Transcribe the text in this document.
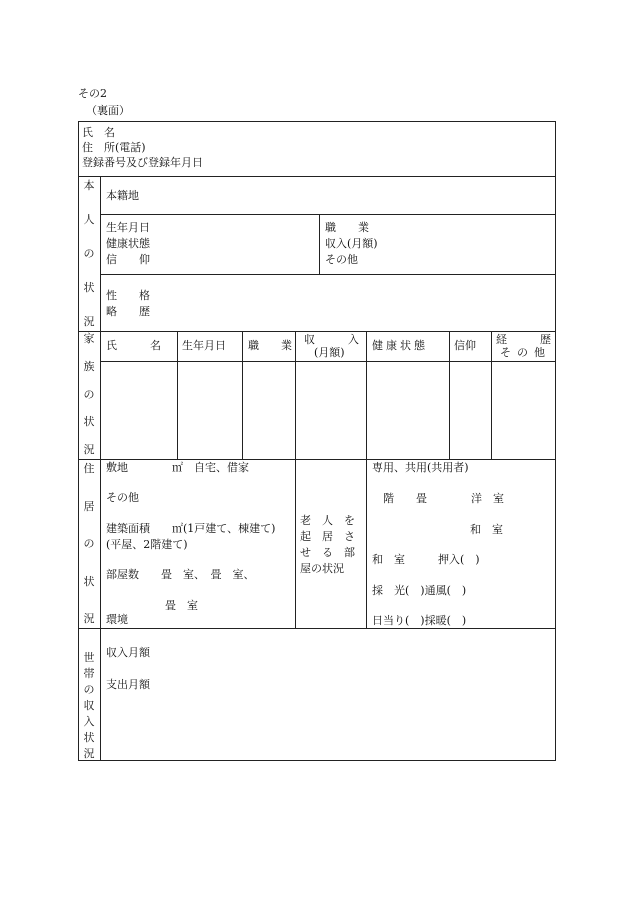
その2
（裏面）
氏　名
住　所(電話)
登録番号及び登録年月日
本
人
の
状
況
本籍地
生年月日
健康状態
信　　仰
職　　業
収入(月額)
その他
性　　格
略　　歴
家
族
の
状
況
氏　　　名 生年月日 職　　業 収　　　入
(月額)
健康状態 信仰 経　　　歴
その他
住
居
の
状
況
敷地　　　　㎡　自宅、借家
その他
建築面積　　㎡(1戸建て、棟建て)
(平屋、2階建て)
部屋数　　畳　室、　畳　室、
畳　室
環境
老　人　を
起　居　さ
せ　る　部
屋の状況
専用、共用(共用者)
階　　畳　　　　洋　室
和　室
和　室　　　押入(　)
採　光(　)通風(　)
日当り(　)採暖(　)
世
帯
の
収
入
状
況
収入月額
支出月額
